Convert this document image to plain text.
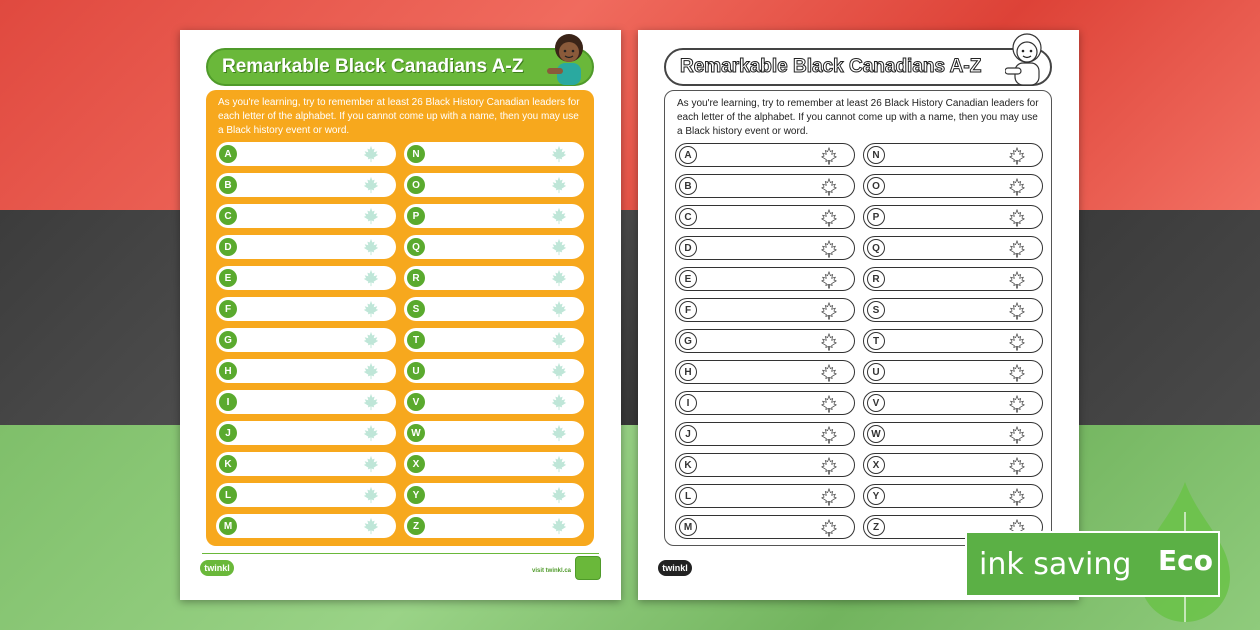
Remarkable Black Canadians A-Z
As you're learning, try to remember at least 26 Black History Canadian leaders for each letter of the alphabet. If you cannot come up with a name, then you may use a Black history event or word.
A
B
C
D
E
F
G
H
I
J
K
L
M
N
O
P
Q
R
S
T
U
V
W
X
Y
Z
twinkl	visit twinkl.ca
Remarkable Black Canadians A-Z
As you're learning, try to remember at least 26 Black History Canadian leaders for each letter of the alphabet. If you cannot come up with a name, then you may use a Black history event or word.
A
B
C
D
E
F
G
H
I
J
K
L
M
N
O
P
Q
R
S
T
U
V
W
X
Y
Z
twinkl	ink saving Eco
